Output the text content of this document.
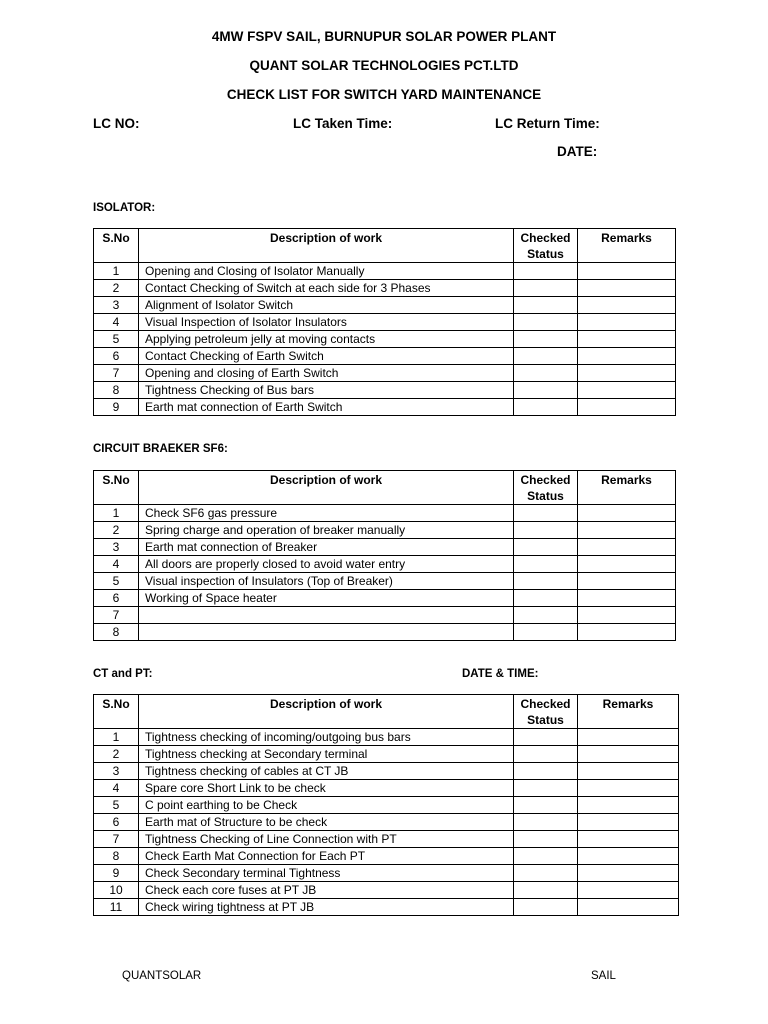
4MW FSPV SAIL, BURNUPUR SOLAR POWER PLANT
QUANT SOLAR TECHNOLOGIES PCT.LTD
CHECK LIST FOR SWITCH YARD MAINTENANCE
LC NO:	LC Taken Time:	LC Return Time:
DATE:
ISOLATOR:
S.No	Description of work	Checked Status	Remarks
1	Opening and Closing of Isolator Manually		
2	Contact Checking of Switch at each side for 3 Phases		
3	Alignment of Isolator Switch		
4	Visual Inspection of Isolator Insulators		
5	Applying petroleum jelly at moving contacts		
6	Contact Checking of Earth Switch		
7	Opening and closing of Earth Switch		
8	Tightness Checking of Bus bars		
9	Earth mat connection of Earth Switch		
CIRCUIT BRAEKER SF6:
S.No	Description of work	Checked Status	Remarks
1	Check SF6 gas pressure		
2	Spring charge and operation of breaker manually		
3	Earth mat connection of Breaker		
4	All doors are properly closed to avoid water entry		
5	Visual inspection of Insulators (Top of Breaker)		
6	Working of Space heater		
7			
8			
CT and PT:	DATE & TIME:
S.No	Description of work	Checked Status	Remarks
1	Tightness checking of incoming/outgoing bus bars		
2	Tightness checking at Secondary terminal		
3	Tightness checking of cables at CT JB		
4	Spare core Short Link to be check		
5	C point earthing to be Check		
6	Earth mat of Structure to be check		
7	Tightness Checking of Line Connection with PT		
8	Check Earth Mat Connection for Each PT		
9	Check Secondary terminal Tightness		
10	Check each core fuses at PT JB		
11	Check wiring tightness at PT JB		
QUANTSOLAR	SAIL
